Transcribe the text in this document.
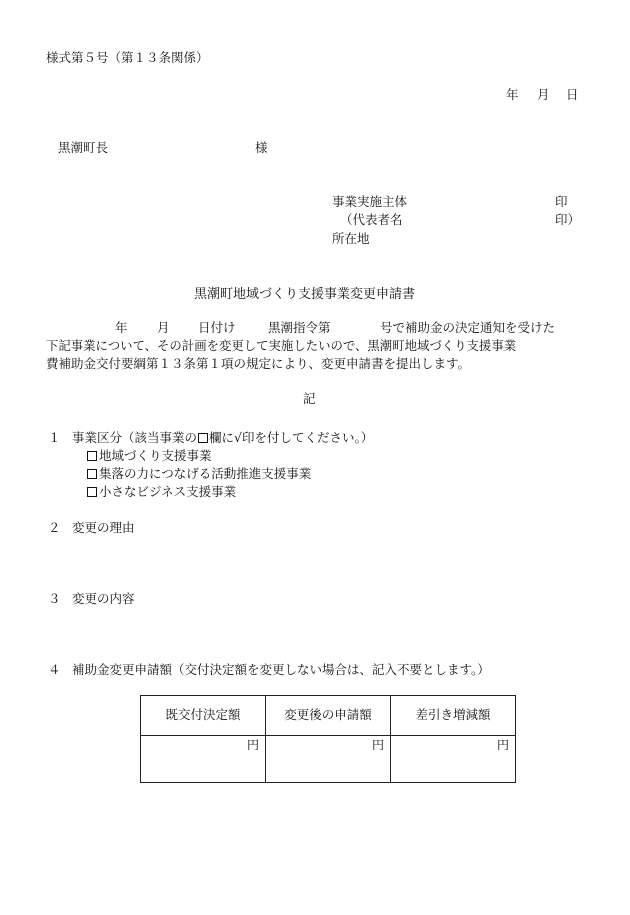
様式第５号（第１３条関係）
年 月 日
黒潮町長	様
事業実施主体	印
（代表者名	印）
所在地
黒潮町地域づくり支援事業変更申請書
年 月 日付け	黒潮指令第	号で補助金の決定通知を受けた
下記事業について、その計画を変更して実施したいので、黒潮町地域づくり支援事業
費補助金交付要綱第１３条第１項の規定により、変更申請書を提出します。
記
１ 事業区分（該当事業の 欄に√印を付してください。）
地域づくり支援事業
集落の力につなげる活動推進支援事業
小さなビジネス支援事業
２ 変更の理由
３ 変更の内容
４ 補助金変更申請額（交付決定額を変更しない場合は、記入不要とします。）
既交付決定額	変更後の申請額	差引き増減額
円	円	円
